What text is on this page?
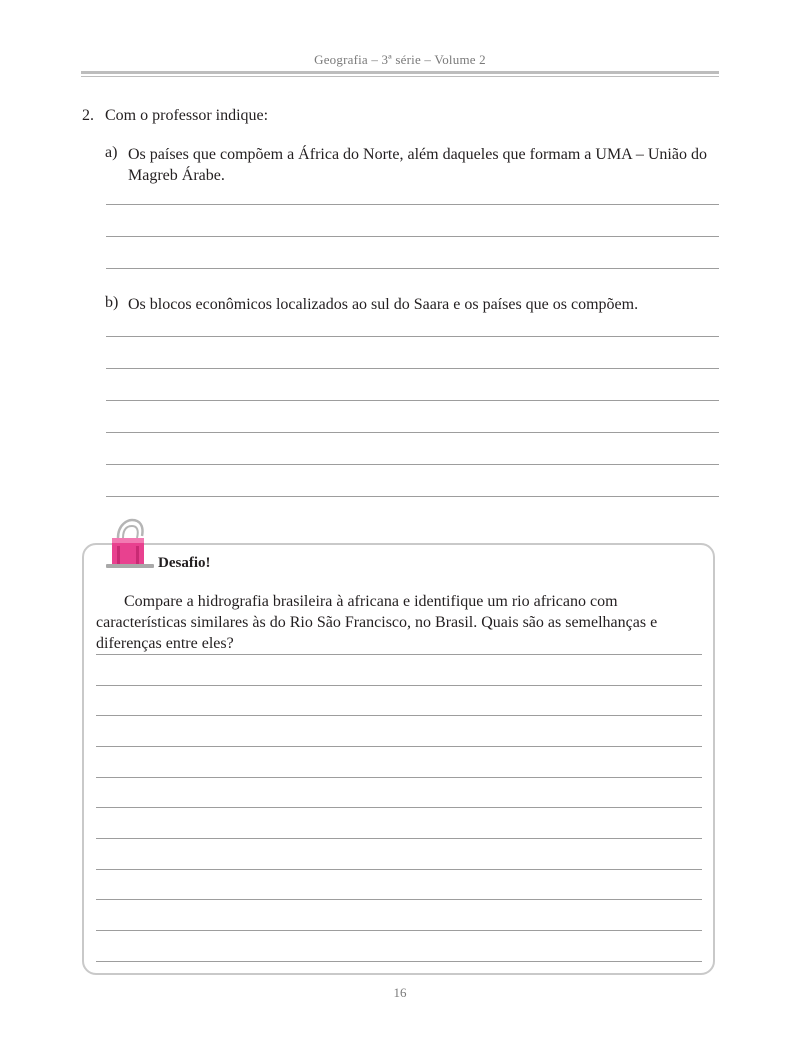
Geografia – 3ª série – Volume 2
2. Com o professor indique:
a) Os países que compõem a África do Norte, além daqueles que formam a UMA – União do Magreb Árabe.
b) Os blocos econômicos localizados ao sul do Saara e os países que os compõem.
Desafio!
Compare a hidrografia brasileira à africana e identifique um rio africano com características similares às do Rio São Francisco, no Brasil. Quais são as semelhanças e diferenças entre eles?
16
